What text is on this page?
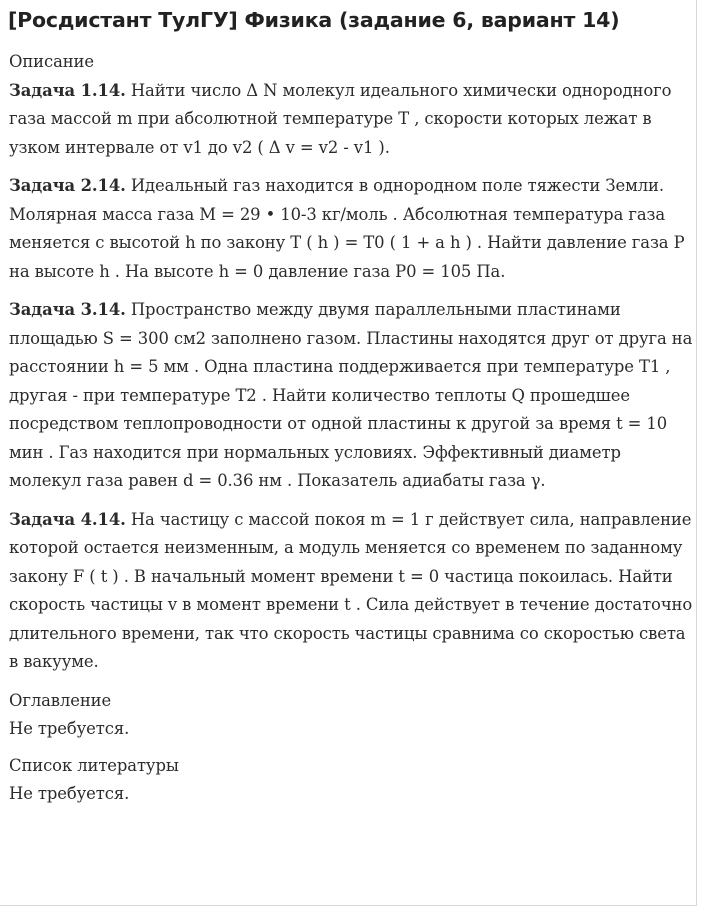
[Росдистант ТулГУ] Физика (задание 6, вариант 14)

Описание

Задача 1.14. Найти число Δ N молекул идеального химически однородного газа массой m при абсолютной температуре T , скорости которых лежат в узком интервале от v1 до v2 ( Δ v = v2 - v1 ).

Задача 2.14. Идеальный газ находится в однородном поле тяжести Земли. Молярная масса газа M = 29 • 10-3 кг/моль . Абсолютная температура газа меняется с высотой h по закону T ( h ) = T0 ( 1 + a h ) . Найти давление газа P на высоте h . На высоте h = 0 давление газа P0 = 105 Па.

Задача 3.14. Пространство между двумя параллельными пластинами площадью S = 300 см2 заполнено газом. Пластины находятся друг от друга на расстоянии h = 5 мм . Одна пластина поддерживается при температуре T1 , другая - при температуре T2 . Найти количество теплоты Q прошедшее посредством теплопроводности от одной пластины к другой за время t = 10 мин . Газ находится при нормальных условиях. Эффективный диаметр молекул газа равен d = 0.36 нм . Показатель адиабаты газа γ.

Задача 4.14. На частицу с массой покоя m = 1 г действует сила, направление которой остается неизменным, а модуль меняется со временем по заданному закону F ( t ) . В начальный момент времени t = 0 частица покоилась. Найти скорость частицы v в момент времени t . Сила действует в течение достаточно длительного времени, так что скорость частицы сравнима со скоростью света в вакууме.

Оглавление

Не требуется.

Список литературы

Не требуется.
